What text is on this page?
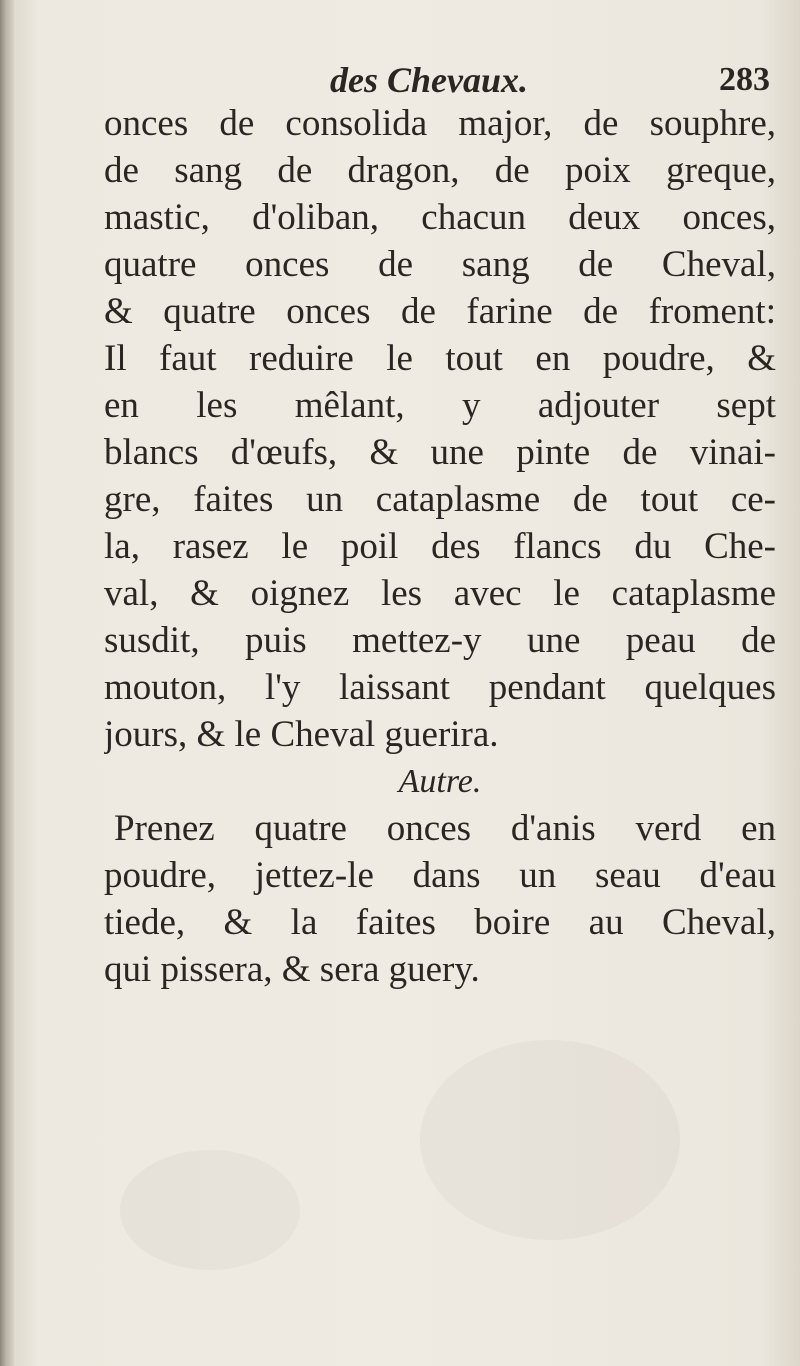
des Chevaux.	283
onces de consolida major, de souphre,
de sang de dragon, de poix greque,
mastic, d'oliban, chacun deux onces,
quatre onces de sang de Cheval,
& quatre onces de farine de froment:
Il faut reduire le tout en poudre, &
en les mêlant, y adjouter sept
blancs d'œufs, & une pinte de vinai-
gre, faites un cataplasme de tout ce-
la, rasez le poil des flancs du Che-
val, & oignez les avec le cataplasme
susdit, puis mettez-y une peau de
mouton, l'y laissant pendant quelques
jours, & le Cheval guerira.
Autre.
Prenez quatre onces d'anis verd en
poudre, jettez-le dans un seau d'eau
tiede, & la faites boire au Cheval,
qui pissera, & sera guery.
